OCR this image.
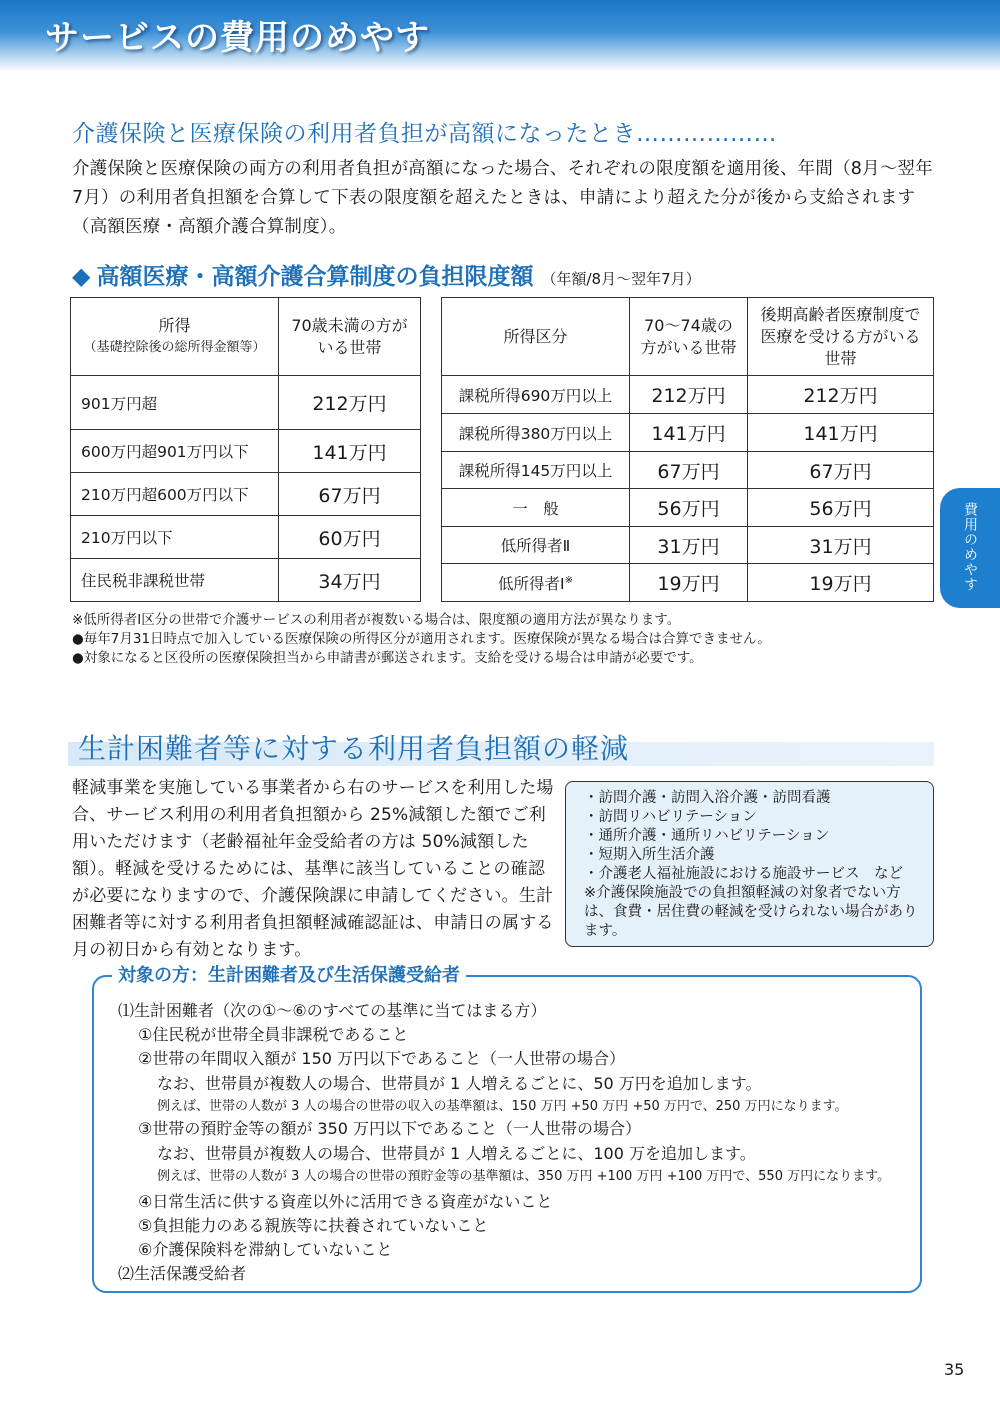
サービスの費用のめやす
介護保険と医療保険の利用者負担が高額になったとき………………
介護保険と医療保険の両方の利用者負担が高額になった場合、それぞれの限度額を適用後、年間（8月〜翌年7月）の利用者負担額を合算して下表の限度額を超えたときは、申請により超えた分が後から支給されます（高額医療・高額介護合算制度）。
◆ 高額医療・高額介護合算制度の負担限度額 （年額/8月〜翌年7月）
所得
（基礎控除後の総所得金額等）	70歳未満の方がいる世帯

901万円超	212万円
600万円超901万円以下	141万円
210万円超600万円以下	67万円
210万円以下	60万円
住民税非課税世帯	34万円
所得区分	70〜74歳の方がいる世帯	後期高齢者医療制度で医療を受ける方がいる世帯

課税所得690万円以上	212万円	212万円
課税所得380万円以上	141万円	141万円
課税所得145万円以上	67万円	67万円
一　般	56万円	56万円
低所得者Ⅱ	31万円	31万円
低所得者Ⅰ※	19万円	19万円
※低所得者Ⅰ区分の世帯で介護サービスの利用者が複数いる場合は、限度額の適用方法が異なります。
●毎年7月31日時点で加入している医療保険の所得区分が適用されます。医療保険が異なる場合は合算できません。
●対象になると区役所の医療保険担当から申請書が郵送されます。支給を受ける場合は申請が必要です。
費用のめやす
生計困難者等に対する利用者負担額の軽減
軽減事業を実施している事業者から右のサービスを利用した場合、サービス利用の利用者負担額から 25%減額した額でご利用いただけます（老齢福祉年金受給者の方は 50%減額した額）。軽減を受けるためには、基準に該当していることの確認が必要になりますので、介護保険課に申請してください。生計困難者等に対する利用者負担額軽減確認証は、申請日の属する月の初日から有効となります。
・訪問介護・訪問入浴介護・訪問看護
・訪問リハビリテーション
・通所介護・通所リハビリテーション
・短期入所生活介護
・介護老人福祉施設における施設サービス　など
※介護保険施設での負担額軽減の対象者でない方は、食費・居住費の軽減を受けられない場合があります。
対象の方：生計困難者及び生活保護受給者
⑴生計困難者（次の①〜⑥のすべての基準に当てはまる方）
①住民税が世帯全員非課税であること
②世帯の年間収入額が 150 万円以下であること（一人世帯の場合）
なお、世帯員が複数人の場合、世帯員が 1 人増えるごとに、50 万円を追加します。
例えば、世帯の人数が 3 人の場合の世帯の収入の基準額は、150 万円 +50 万円 +50 万円で、250 万円になります。
③世帯の預貯金等の額が 350 万円以下であること（一人世帯の場合）
なお、世帯員が複数人の場合、世帯員が 1 人増えるごとに、100 万を追加します。
例えば、世帯の人数が 3 人の場合の世帯の預貯金等の基準額は、350 万円 +100 万円 +100 万円で、550 万円になります。
④日常生活に供する資産以外に活用できる資産がないこと
⑤負担能力のある親族等に扶養されていないこと
⑥介護保険料を滞納していないこと
⑵生活保護受給者
35
